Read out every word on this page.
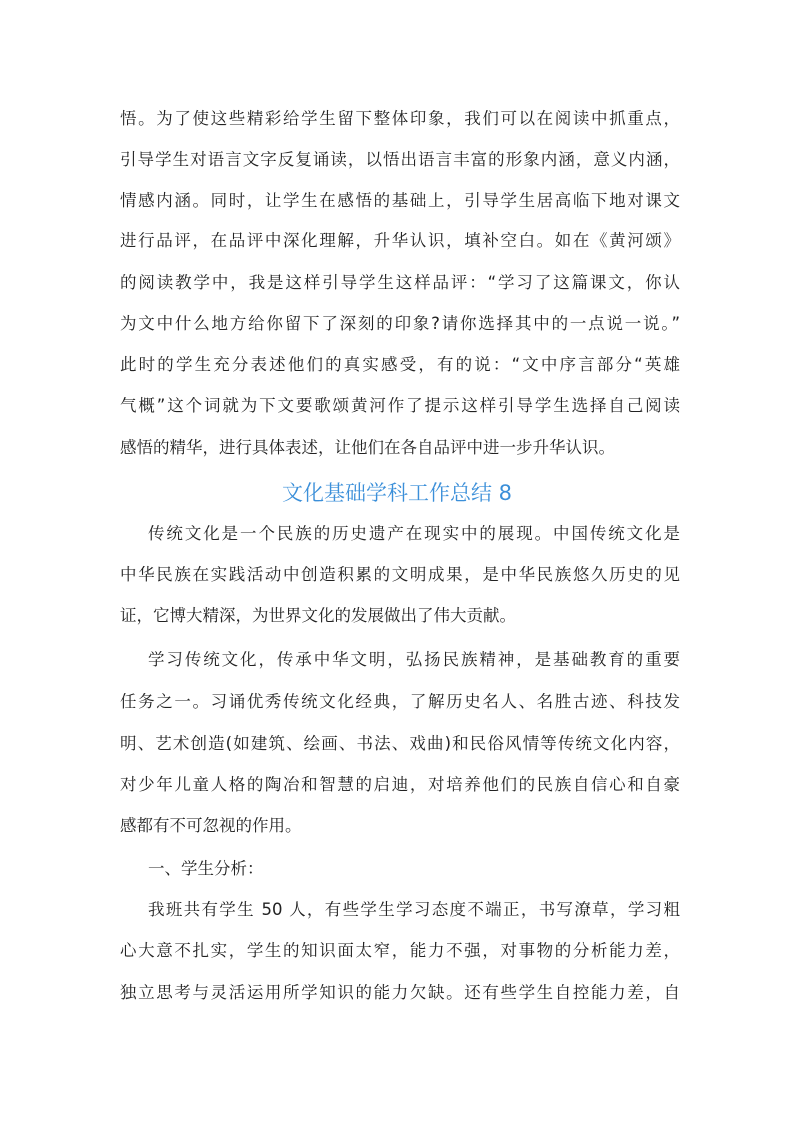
悟。为了使这些精彩给学生留下整体印象，我们可以在阅读中抓重点，
引导学生对语言文字反复诵读，以悟出语言丰富的形象内涵，意义内涵，
情感内涵。同时，让学生在感悟的基础上，引导学生居高临下地对课文
进行品评，在品评中深化理解，升华认识，填补空白。如在《黄河颂》
的阅读教学中，我是这样引导学生这样品评：“学习了这篇课文，你认
为文中什么地方给你留下了深刻的印象?请你选择其中的一点说一说。”
此时的学生充分表述他们的真实感受，有的说：“文中序言部分“英雄
气概”这个词就为下文要歌颂黄河作了提示这样引导学生选择自己阅读
感悟的精华，进行具体表述，让他们在各自品评中进一步升华认识。
文化基础学科工作总结 8
传统文化是一个民族的历史遗产在现实中的展现。中国传统文化是
中华民族在实践活动中创造积累的文明成果，是中华民族悠久历史的见
证，它博大精深，为世界文化的发展做出了伟大贡献。
学习传统文化，传承中华文明，弘扬民族精神，是基础教育的重要
任务之一。习诵优秀传统文化经典，了解历史名人、名胜古迹、科技发
明、艺术创造(如建筑、绘画、书法、戏曲)和民俗风情等传统文化内容，
对少年儿童人格的陶冶和智慧的启迪，对培养他们的民族自信心和自豪
感都有不可忽视的作用。
一、学生分析：
我班共有学生 50 人，有些学生学习态度不端正，书写潦草，学习粗
心大意不扎实，学生的知识面太窄，能力不强，对事物的分析能力差，
独立思考与灵活运用所学知识的能力欠缺。还有些学生自控能力差，自
